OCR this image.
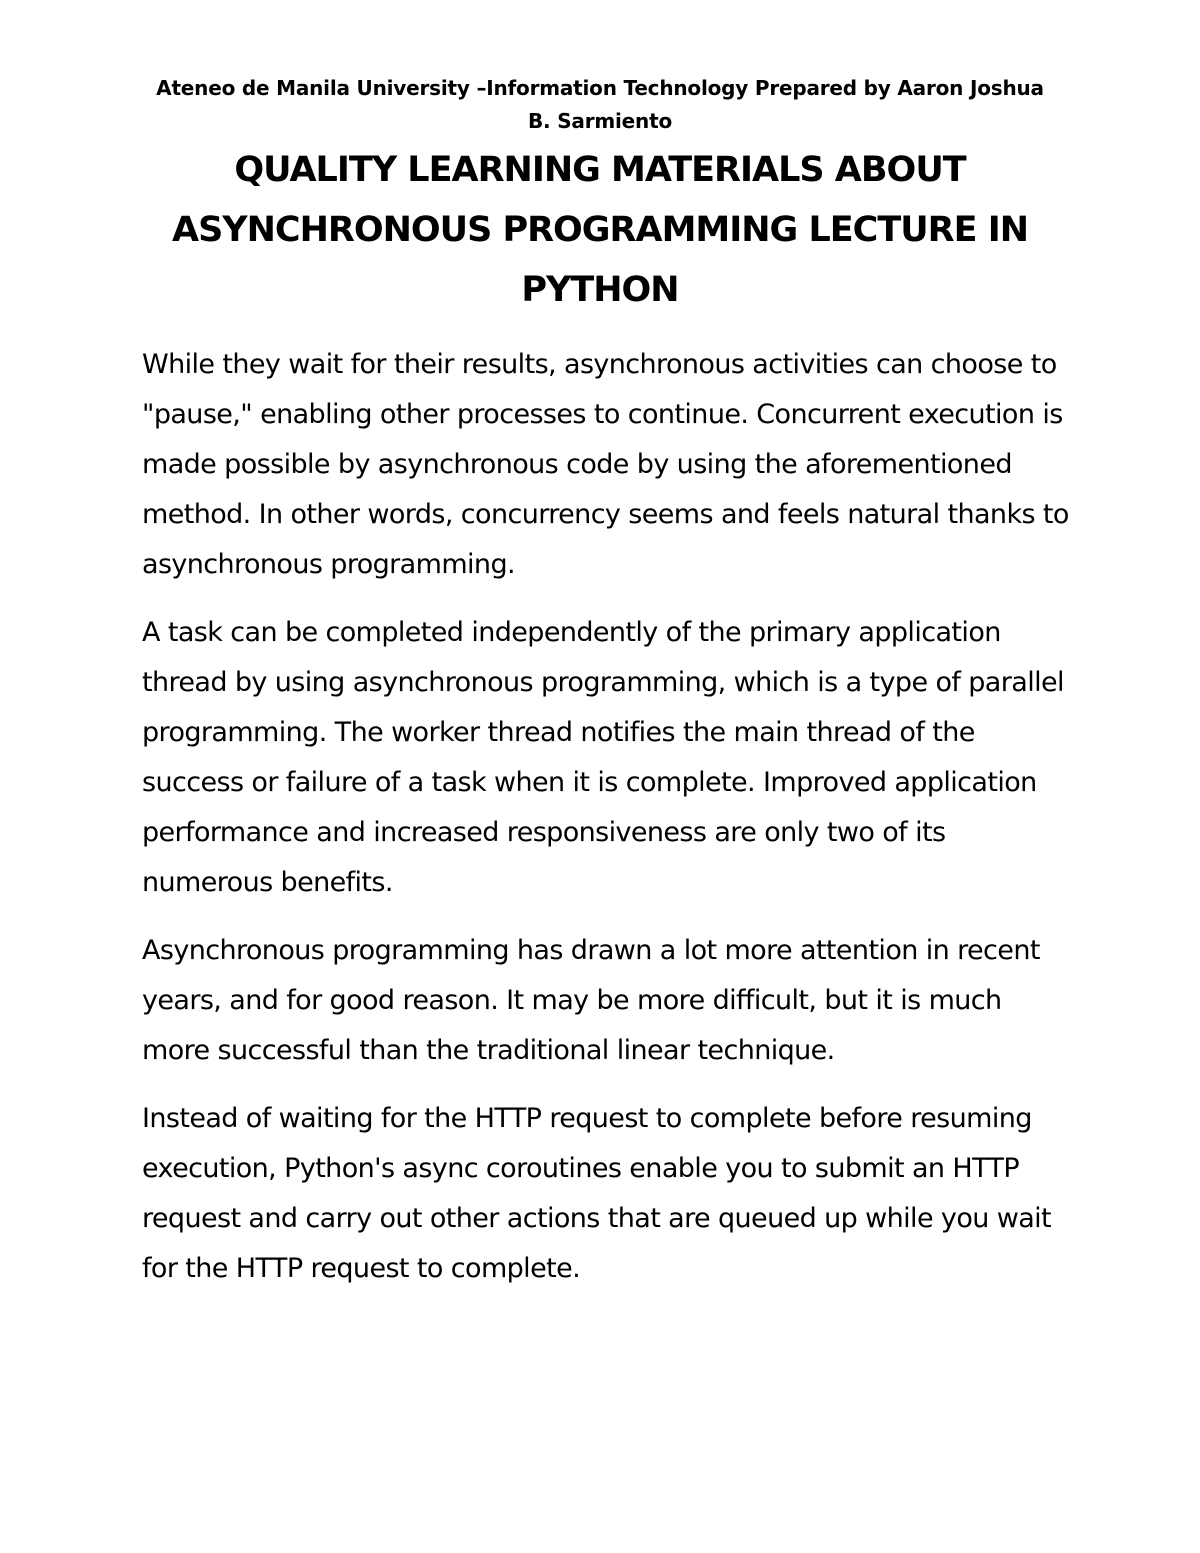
Ateneo de Manila University –Information Technology Prepared by Aaron Joshua B. Sarmiento
QUALITY LEARNING MATERIALS ABOUT ASYNCHRONOUS PROGRAMMING LECTURE IN PYTHON

While they wait for their results, asynchronous activities can choose to "pause," enabling other processes to continue. Concurrent execution is made possible by asynchronous code by using the aforementioned method. In other words, concurrency seems and feels natural thanks to asynchronous programming.

A task can be completed independently of the primary application thread by using asynchronous programming, which is a type of parallel programming. The worker thread notifies the main thread of the success or failure of a task when it is complete. Improved application performance and increased responsiveness are only two of its numerous benefits.

Asynchronous programming has drawn a lot more attention in recent years, and for good reason. It may be more difficult, but it is much more successful than the traditional linear technique.

Instead of waiting for the HTTP request to complete before resuming execution, Python's async coroutines enable you to submit an HTTP request and carry out other actions that are queued up while you wait for the HTTP request to complete.
